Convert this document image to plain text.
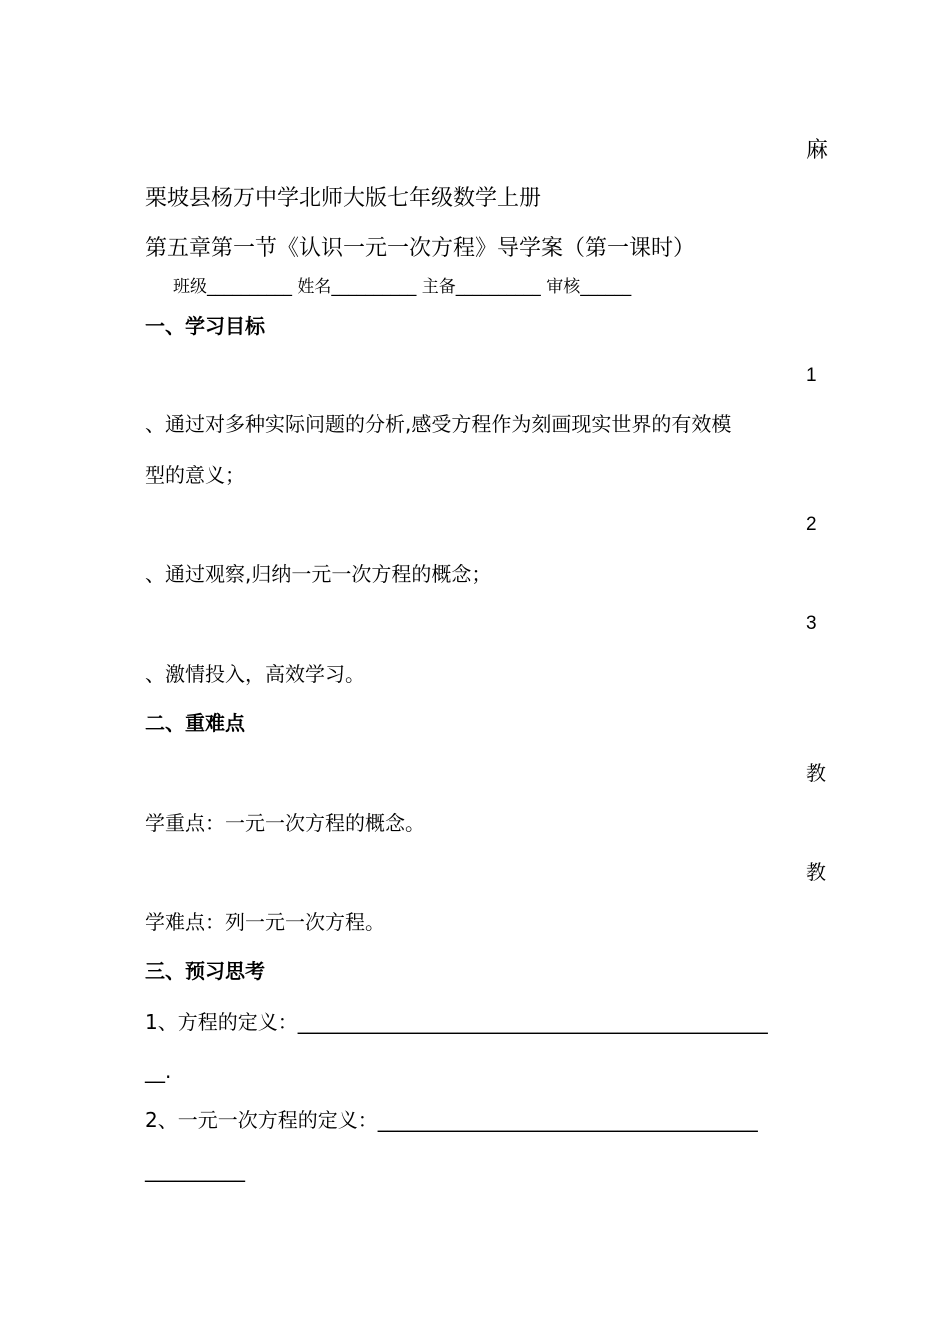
麻
栗坡县杨万中学北师大版七年级数学上册
第五章第一节《认识一元一次方程》导学案（第一课时）
班级__________ 姓名__________ 主备__________ 审核______
一、学习目标
1
、通过对多种实际问题的分析,感受方程作为刻画现实世界的有效模
型的意义；
2
、通过观察,归纳一元一次方程的概念；
3
、激情投入，高效学习。
二、重难点
教
学重点：一元一次方程的概念。
教
学难点：列一元一次方程。
三、预习思考
1、方程的定义：_______________________________________________
__.
2、一元一次方程的定义：______________________________________
__________
